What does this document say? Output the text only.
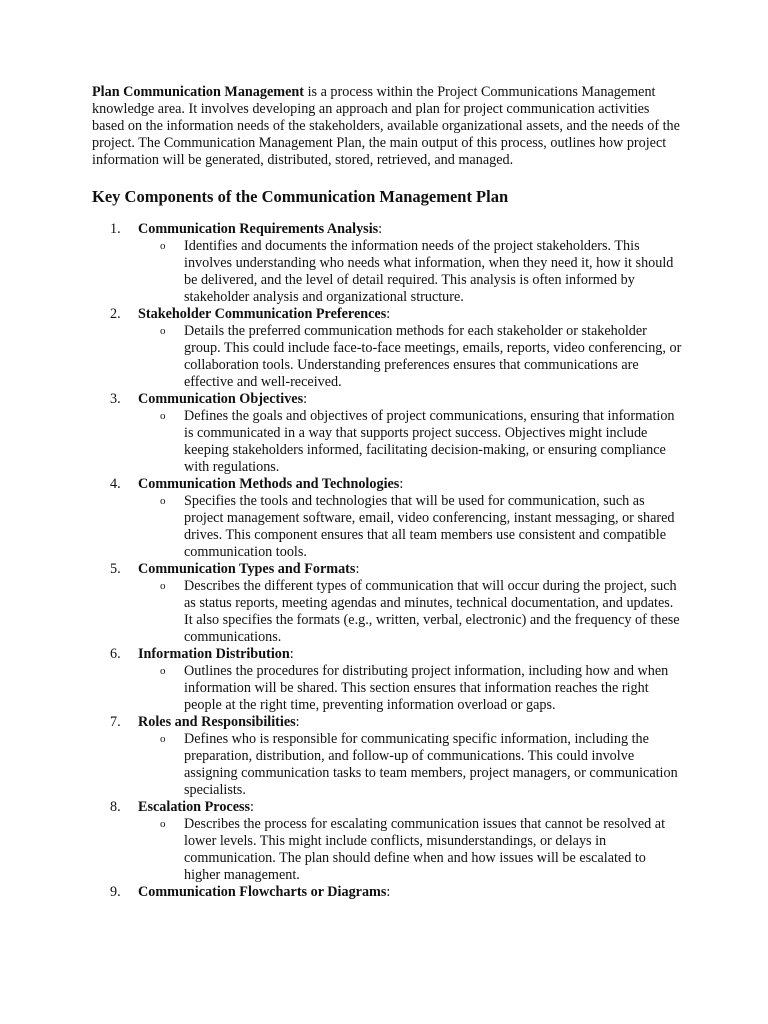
Plan Communication Management is a process within the Project Communications Management knowledge area. It involves developing an approach and plan for project communication activities based on the information needs of the stakeholders, available organizational assets, and the needs of the project. The Communication Management Plan, the main output of this process, outlines how project information will be generated, distributed, stored, retrieved, and managed.

Key Components of the Communication Management Plan
1.	Communication Requirements Analysis:
o Identifies and documents the information needs of the project stakeholders. This involves understanding who needs what information, when they need it, how it should be delivered, and the level of detail required. This analysis is often informed by stakeholder analysis and organizational structure.
2.	Stakeholder Communication Preferences:
o Details the preferred communication methods for each stakeholder or stakeholder group. This could include face-to-face meetings, emails, reports, video conferencing, or collaboration tools. Understanding preferences ensures that communications are effective and well-received.
3.	Communication Objectives:
o Defines the goals and objectives of project communications, ensuring that information is communicated in a way that supports project success. Objectives might include keeping stakeholders informed, facilitating decision-making, or ensuring compliance with regulations.
4.	Communication Methods and Technologies:
o Specifies the tools and technologies that will be used for communication, such as project management software, email, video conferencing, instant messaging, or shared drives. This component ensures that all team members use consistent and compatible communication tools.
5.	Communication Types and Formats:
o Describes the different types of communication that will occur during the project, such as status reports, meeting agendas and minutes, technical documentation, and updates. It also specifies the formats (e.g., written, verbal, electronic) and the frequency of these communications.
6.	Information Distribution:
o Outlines the procedures for distributing project information, including how and when information will be shared. This section ensures that information reaches the right people at the right time, preventing information overload or gaps.
7.	Roles and Responsibilities:
o Defines who is responsible for communicating specific information, including the preparation, distribution, and follow-up of communications. This could involve assigning communication tasks to team members, project managers, or communication specialists.
8.	Escalation Process:
o Describes the process for escalating communication issues that cannot be resolved at lower levels. This might include conflicts, misunderstandings, or delays in communication. The plan should define when and how issues will be escalated to higher management.
9.	Communication Flowcharts or Diagrams:
